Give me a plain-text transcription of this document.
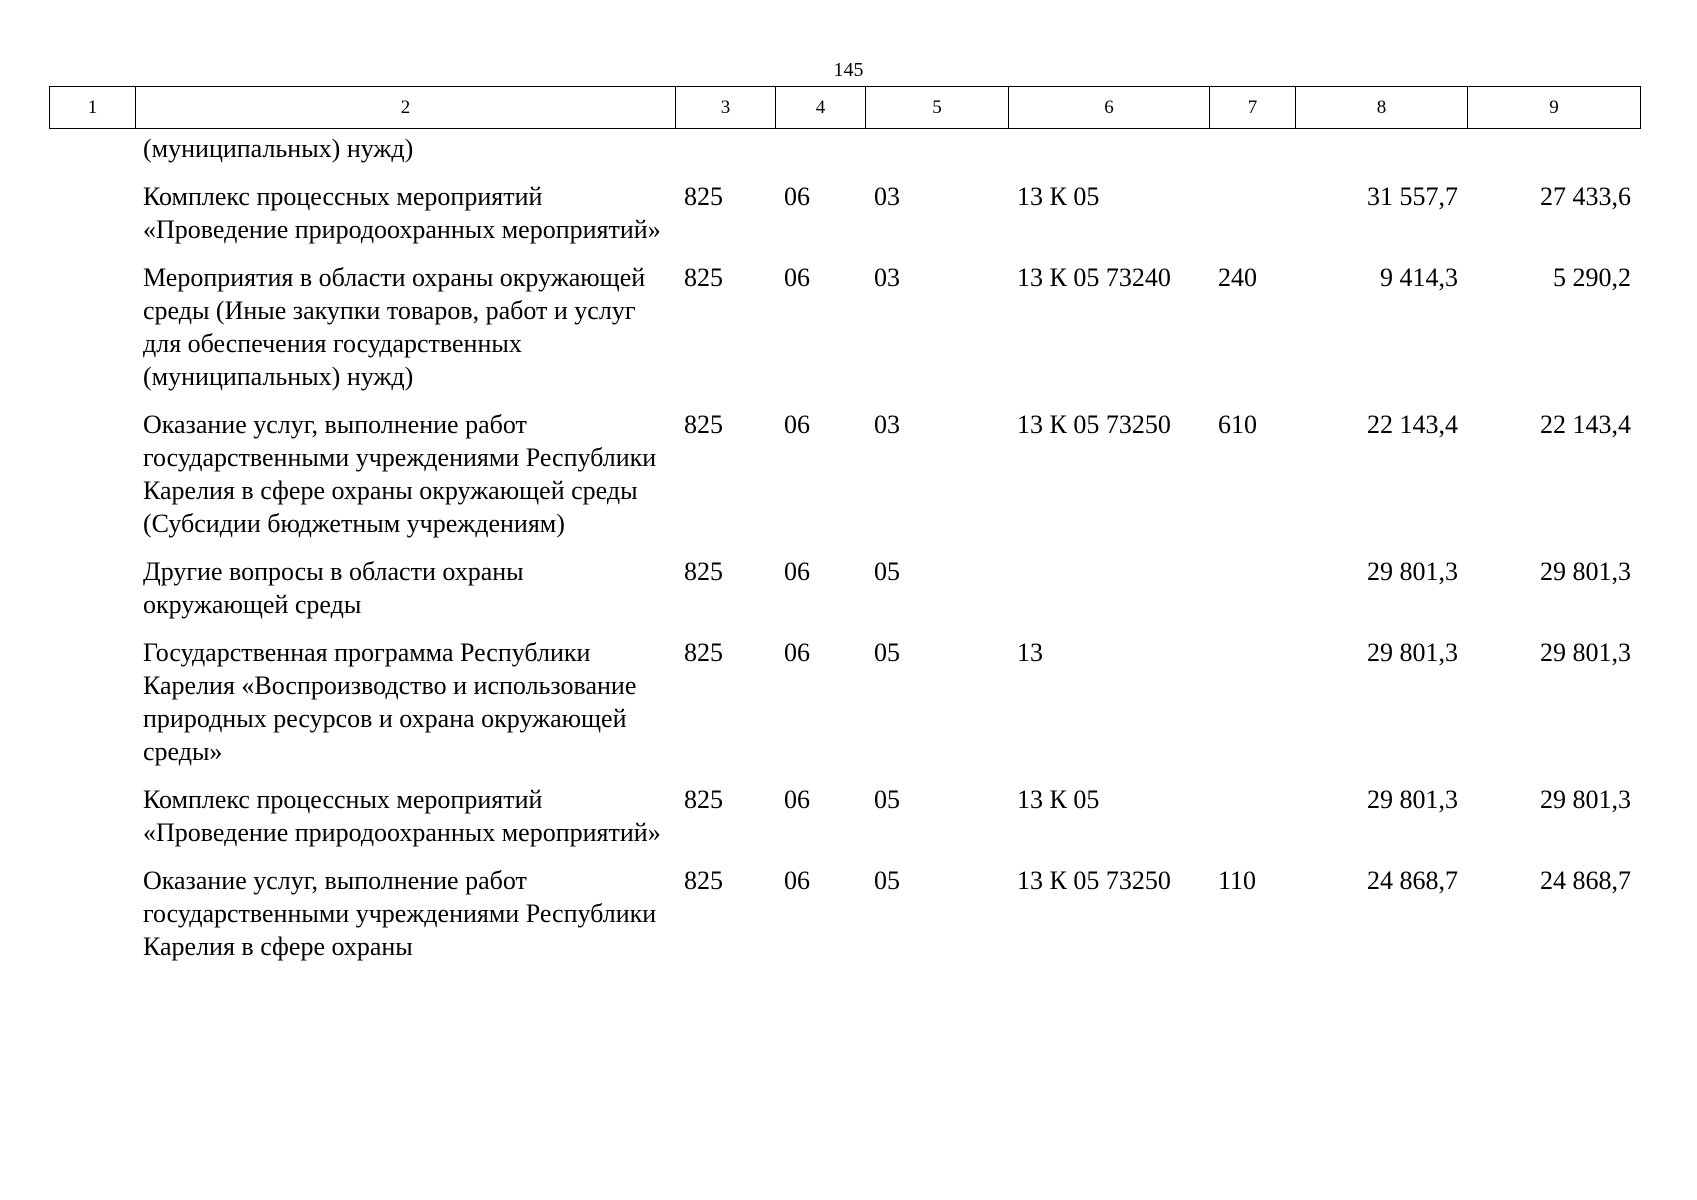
145
1	2	3	4	5	6	7	8	9
(муниципальных) нужд)							
Комплекс процессных мероприятий «Проведение природоохранных мероприятий»	825	06	03	13 К 05		31 557,7	27 433,6
Мероприятия в области охраны окружающей среды (Иные закупки товаров, работ и услуг для обеспечения государственных (муниципальных) нужд)	825	06	03	13 К 05 73240	240	9 414,3	5 290,2
Оказание услуг, выполнение работ государственными учреждениями Республики Карелия в сфере охраны окружающей среды (Субсидии бюджетным учреждениям)	825	06	03	13 К 05 73250	610	22 143,4	22 143,4
Другие вопросы в области охраны окружающей среды	825	06	05			29 801,3	29 801,3
Государственная программа Республики Карелия «Воспроизводство и использование природных ресурсов и охрана окружающей среды»	825	06	05	13		29 801,3	29 801,3
Комплекс процессных мероприятий «Проведение природоохранных мероприятий»	825	06	05	13 К 05		29 801,3	29 801,3
Оказание услуг, выполнение работ государственными учреждениями Республики Карелия в сфере охраны	825	06	05	13 К 05 73250	110	24 868,7	24 868,7
